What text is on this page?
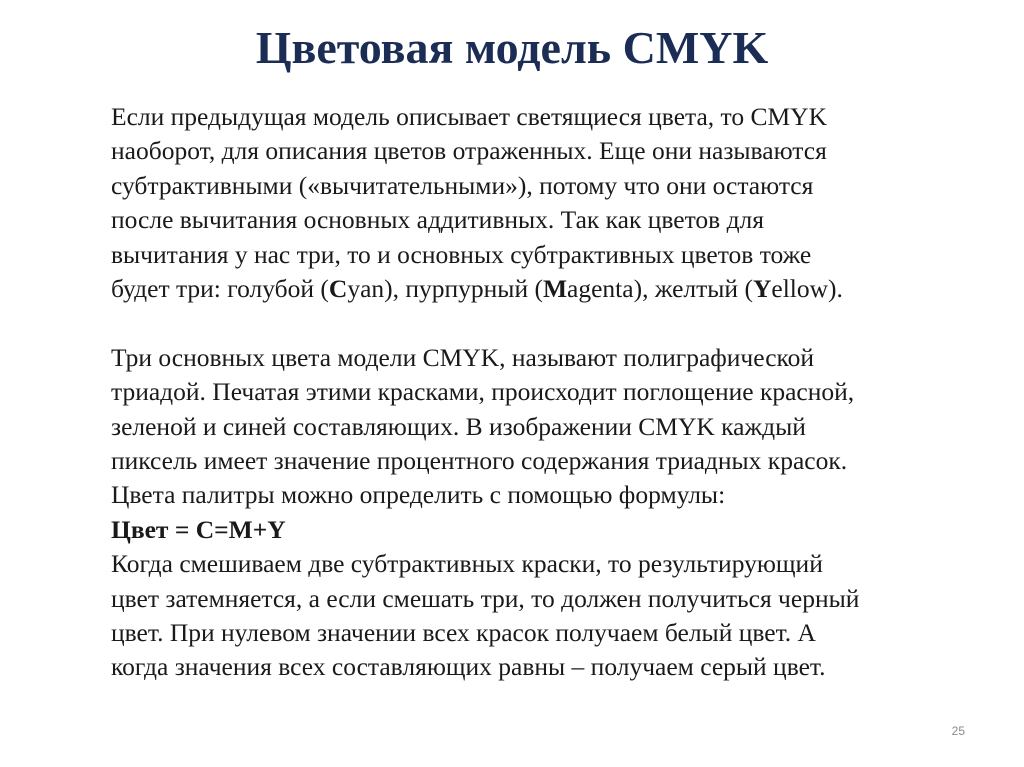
Цветовая модель CMYK
Если предыдущая модель описывает светящиеся цвета, то CMYK
наоборот, для описания цветов отраженных. Еще они называются
субтрактивными («вычитательными»), потому что они остаются
после вычитания основных аддитивных. Так как цветов для
вычитания у нас три, то и основных субтрактивных цветов тоже
будет три: голубой (Cyan), пурпурный (Magenta), желтый (Yellow).
Три основных цвета модели CMYK, называют полиграфической
триадой. Печатая этими красками, происходит поглощение красной,
зеленой и синей составляющих. В изображении CMYK каждый
пиксель имеет значение процентного содержания триадных красок.
Цвета палитры можно определить с помощью формулы:
Цвет = C=M+Y
Когда смешиваем две субтрактивных краски, то результирующий
цвет затемняется, а если смешать три, то должен получиться черный
цвет. При нулевом значении всех красок получаем белый цвет. А
когда значения всех составляющих равны – получаем серый цвет.
25
